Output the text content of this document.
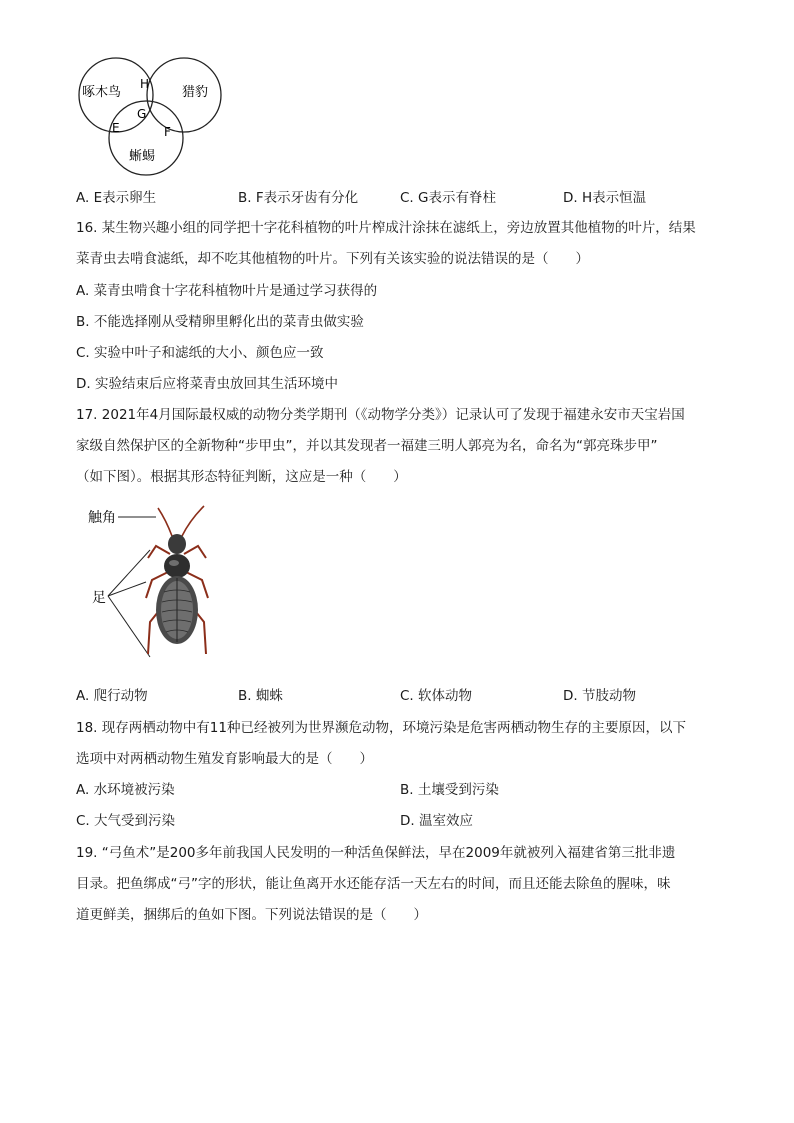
啄木鸟	猎豹
蜥蜴
H
G
E	F
A. E表示卵生	B. F表示牙齿有分化	C. G表示有脊柱	D. H表示恒温
16. 某生物兴趣小组的同学把十字花科植物的叶片榨成汁涂抹在滤纸上，旁边放置其他植物的叶片，结果
菜青虫去啃食滤纸，却不吃其他植物的叶片。下列有关该实验的说法错误的是（　　）
A. 菜青虫啃食十字花科植物叶片是通过学习获得的
B. 不能选择刚从受精卵里孵化出的菜青虫做实验
C. 实验中叶子和滤纸的大小、颜色应一致
D. 实验结束后应将菜青虫放回其生活环境中
17. 2021年4月国际最权威的动物分类学期刊（《动物学分类》）记录认可了发现于福建永安市天宝岩国
家级自然保护区的全新物种“步甲虫”，并以其发现者一福建三明人郭亮为名，命名为“郭亮珠步甲”
（如下图）。根据其形态特征判断，这应是一种（　　）
触角
足
A. 爬行动物	B. 蜘蛛	C. 软体动物	D. 节肢动物
18. 现存两栖动物中有11种已经被列为世界濒危动物，环境污染是危害两栖动物生存的主要原因，以下
选项中对两栖动物生殖发育影响最大的是（　　）
A. 水环境被污染	B. 土壤受到污染
C. 大气受到污染	D. 温室效应
19. “弓鱼术”是200多年前我国人民发明的一种活鱼保鲜法，早在2009年就被列入福建省第三批非遗
目录。把鱼绑成“弓”字的形状，能让鱼离开水还能存活一天左右的时间，而且还能去除鱼的腥味，味
道更鲜美，捆绑后的鱼如下图。下列说法错误的是（　　）
